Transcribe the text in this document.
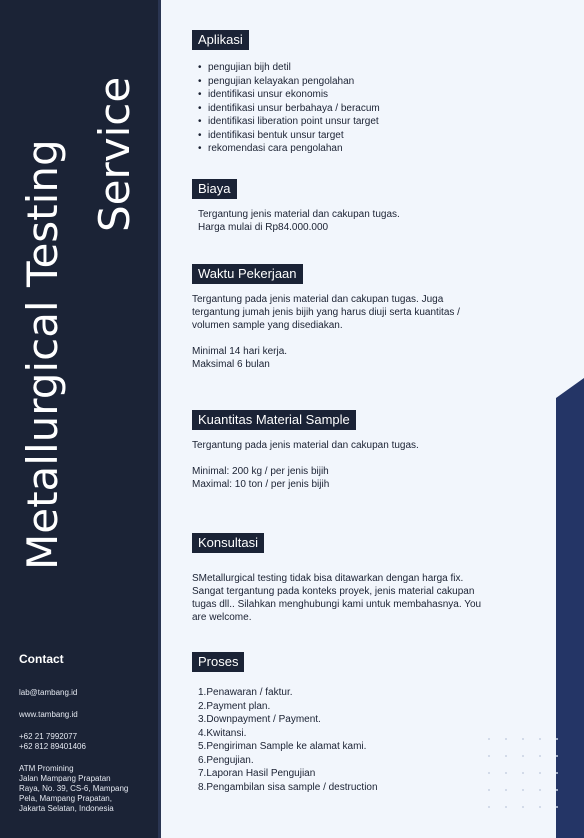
Metallurgical Testing Service
Contact
lab@tambang.id
www.tambang.id
+62 21 7992077
+62 812 89401406
ATM Promining
Jalan Mampang Prapatan
Raya, No. 39, CS-6, Mampang
Pela, Mampang Prapatan,
Jakarta Selatan, Indonesia
Aplikasi
• pengujian bijh detil
• pengujian kelayakan pengolahan
• identifikasi unsur ekonomis
• identifikasi unsur berbahaya / beracum
• identifikasi liberation point unsur target
• identifikasi bentuk unsur target
• rekomendasi cara pengolahan
Biaya

Tergantung jenis material dan cakupan tugas.

Harga mulai di Rp84.000.000

Waktu Pekerjaan

Tergantung pada jenis material dan cakupan tugas. Juga tergantung jumah jenis bijih yang harus diuji serta kuantitas / volumen sample yang disediakan.

Minimal 14 hari kerja.

Maksimal 6 bulan

Kuantitas Material Sample

Tergantung pada jenis material dan cakupan tugas.

Minimal: 200 kg / per jenis bijih

Maximal: 10 ton / per jenis bijih

Konsultasi

SMetallurgical testing tidak bisa ditawarkan dengan harga fix. Sangat tergantung pada konteks proyek, jenis material cakupan tugas dll.. Silahkan menghubungi kami untuk membahasnya. You are welcome.

Proses
1.Penawaran / faktur.
2.Payment plan.
3.Downpayment / Payment.
4.Kwitansi.
5.Pengiriman Sample ke alamat kami.
6.Pengujian.
7.Laporan Hasil Pengujian
8.Pengambilan sisa sample / destruction
